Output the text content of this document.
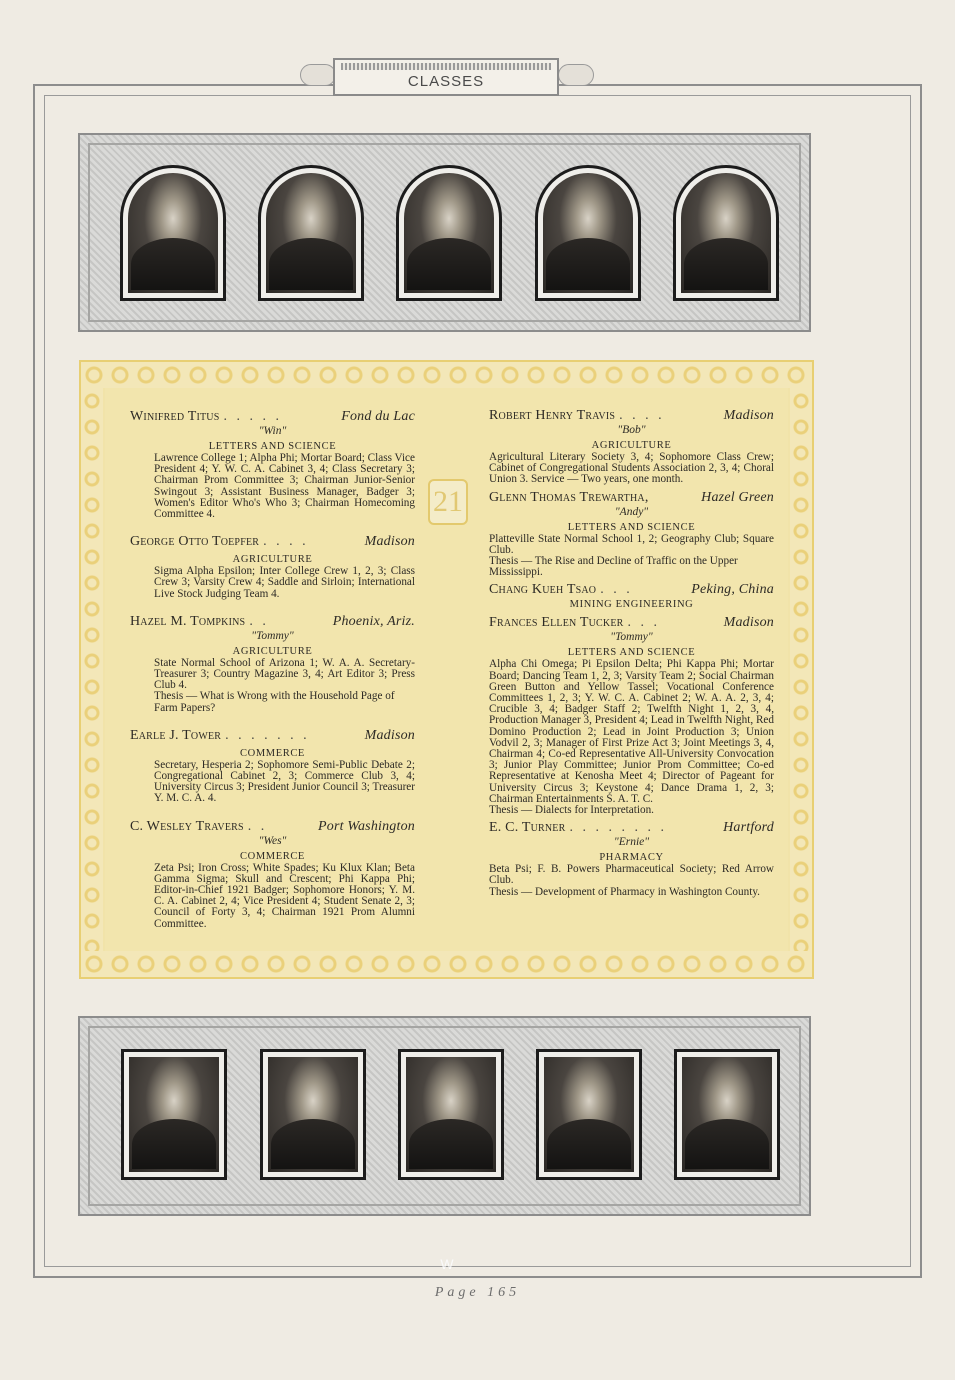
CLASSES
21
Winifred Titus . . . . .	Fond du Lac
"Win"
LETTERS AND SCIENCE
Lawrence College 1; Alpha Phi; Mortar Board; Class Vice President 4; Y. W. C. A. Cabinet 3, 4; Class Secretary 3; Chairman Prom Committee 3; Chairman Junior-Senior Swingout 3; Assistant Business Manager, Badger 3; Women's Editor Who's Who 3; Chairman Homecoming Committee 4.
George Otto Toepfer . . . .	Madison
AGRICULTURE
Sigma Alpha Epsilon; Inter College Crew 1, 2, 3; Class Crew 3; Varsity Crew 4; Saddle and Sirloin; International Live Stock Judging Team 4.
Hazel M. Tompkins . .	Phoenix, Ariz.
"Tommy"
AGRICULTURE
State Normal School of Arizona 1; W. A. A. Secretary-Treasurer 3; Country Magazine 3, 4; Art Editor 3; Press Club 4.
Thesis — What is Wrong with the Household Page of Farm Papers?
Earle J. Tower . . . . . . .	Madison
COMMERCE
Secretary, Hesperia 2; Sophomore Semi-Public Debate 2; Congregational Cabinet 2, 3; Commerce Club 3, 4; University Circus 3; President Junior Council 3; Treasurer Y. M. C. A. 4.
C. Wesley Travers . .	Port Washington
"Wes"
COMMERCE
Zeta Psi; Iron Cross; White Spades; Ku Klux Klan; Beta Gamma Sigma; Skull and Crescent; Phi Kappa Phi; Editor-in-Chief 1921 Badger; Sophomore Honors; Y. M. C. A. Cabinet 2, 4; Vice President 4; Student Senate 2, 3; Council of Forty 3, 4; Chairman 1921 Prom Alumni Committee.
Robert Henry Travis . . . .	Madison
"Bob"
AGRICULTURE
Agricultural Literary Society 3, 4; Sophomore Class Crew; Cabinet of Congregational Students Association 2, 3, 4; Choral Union 3. Service — Two years, one month.
Glenn Thomas Trewartha,	Hazel Green
"Andy"
LETTERS AND SCIENCE
Platteville State Normal School 1, 2; Geography Club; Square Club.
Thesis — The Rise and Decline of Traffic on the Upper Mississippi.
Chang Kueh Tsao . . .	Peking, China
MINING ENGINEERING
Frances Ellen Tucker . . .	Madison
"Tommy"
LETTERS AND SCIENCE
Alpha Chi Omega; Pi Epsilon Delta; Phi Kappa Phi; Mortar Board; Dancing Team 1, 2, 3; Varsity Team 2; Social Chairman Green Button and Yellow Tassel; Vocational Conference Committees 1, 2, 3; Y. W. C. A. Cabinet 2; W. A. A. 2, 3, 4; Crucible 3, 4; Badger Staff 2; Twelfth Night 1, 2, 3, 4, Production Manager 3, President 4; Lead in Twelfth Night, Red Domino Production 2; Lead in Joint Production 3; Union Vodvil 2, 3; Manager of First Prize Act 3; Joint Meetings 3, 4, Chairman 4; Co-ed Representative All-University Convocation 3; Junior Play Committee; Junior Prom Committee; Co-ed Representative at Kenosha Meet 4; Director of Pageant for University Circus 3; Keystone 4; Dance Drama 1, 2, 3; Chairman Entertainments S. A. T. C.
Thesis — Dialects for Interpretation.
E. C. Turner . . . . . . . .	Hartford
"Ernie"
PHARMACY
Beta Psi; F. B. Powers Pharmaceutical Society; Red Arrow Club.
Thesis — Development of Pharmacy in Washington County.
W
Page 165
